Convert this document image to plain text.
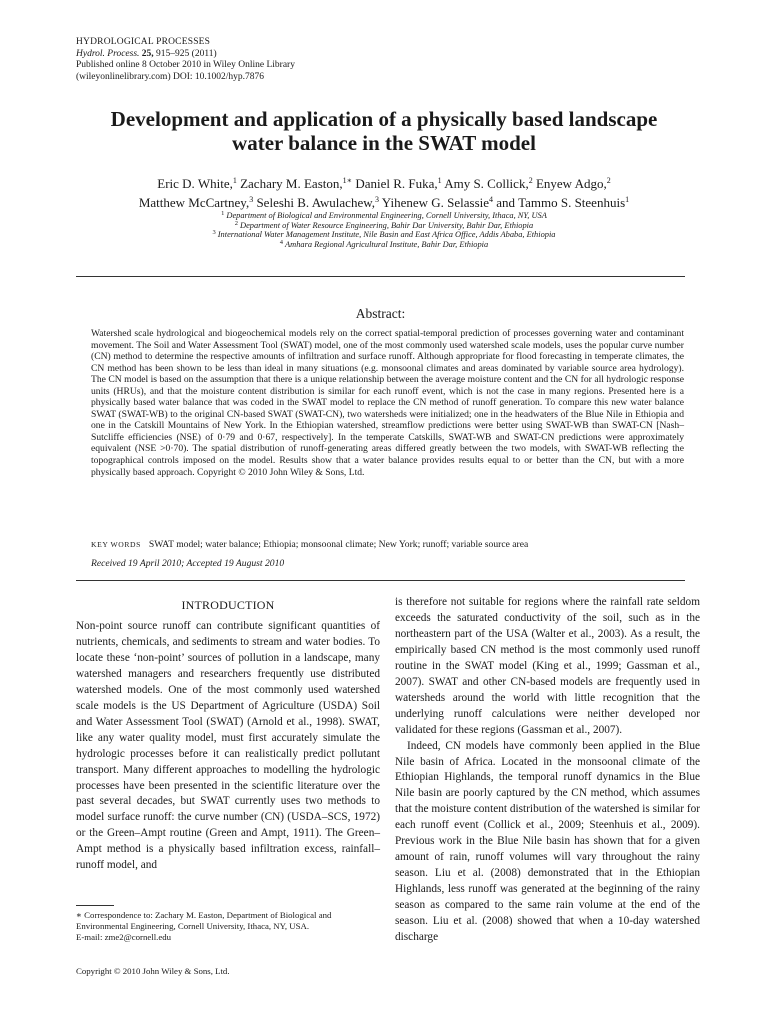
HYDROLOGICAL PROCESSES
Hydrol. Process. 25, 915–925 (2011)
Published online 8 October 2010 in Wiley Online Library
(wileyonlinelibrary.com) DOI: 10.1002/hyp.7876
Development and application of a physically based landscape
water balance in the SWAT model
Eric D. White,$^1$ Zachary M. Easton,$^{1∗}$ Daniel R. Fuka,$^1$ Amy S. Collick,$^2$ Enyew Adgo,$^2$
Matthew McCartney,$^3$ Seleshi B. Awulachew,$^3$ Yihenew G. Selassie$^4$ and Tammo S. Steenhuis$^1$
$^1$ Department of Biological and Environmental Engineering, Cornell University, Ithaca, NY, USA
$^2$ Department of Water Resource Engineering, Bahir Dar University, Bahir Dar, Ethiopia
$^3$ International Water Management Institute, Nile Basin and East Africa Office, Addis Ababa, Ethiopia
$^4$ Amhara Regional Agricultural Institute, Bahir Dar, Ethiopia
Abstract:

Watershed scale hydrological and biogeochemical models rely on the correct spatial-temporal prediction of processes governing water and contaminant movement. The Soil and Water Assessment Tool (SWAT) model, one of the most commonly used watershed scale models, uses the popular curve number (CN) method to determine the respective amounts of infiltration and surface runoff. Although appropriate for flood forecasting in temperate climates, the CN method has been shown to be less than ideal in many situations (e.g. monsoonal climates and areas dominated by variable source area hydrology). The CN model is based on the assumption that there is a unique relationship between the average moisture content and the CN for all hydrologic response units (HRUs), and that the moisture content distribution is similar for each runoff event, which is not the case in many regions. Presented here is a physically based water balance that was coded in the SWAT model to replace the CN method of runoff generation. To compare this new water balance SWAT (SWAT-WB) to the original CN-based SWAT (SWAT-CN), two watersheds were initialized; one in the headwaters of the Blue Nile in Ethiopia and one in the Catskill Mountains of New York. In the Ethiopian watershed, streamflow predictions were better using SWAT-WB than SWAT-CN [Nash–Sutcliffe efficiencies (NSE) of 0·79 and 0·67, respectively]. In the temperate Catskills, SWAT-WB and SWAT-CN predictions were approximately equivalent (NSE >0·70). The spatial distribution of runoff-generating areas differed greatly between the two models, with SWAT-WB reflecting the topographical controls imposed on the model. Results show that a water balance provides results equal to or better than the CN, but with a more physically based approach. Copyright © 2010 John Wiley & Sons, Ltd.

KEY WORDS SWAT model; water balance; Ethiopia; monsoonal climate; New York; runoff; variable source area
Received 19 April 2010; Accepted 19 August 2010
INTRODUCTION

Non-point source runoff can contribute significant quantities of nutrients, chemicals, and sediments to stream and water bodies. To locate these ‘non-point’ sources of pollution in a landscape, many watershed managers and researchers frequently use distributed watershed models. One of the most commonly used watershed scale models is the US Department of Agriculture (USDA) Soil and Water Assessment Tool (SWAT) (Arnold et al., 1998). SWAT, like any water quality model, must first accurately simulate the hydrologic processes before it can realistically predict pollutant transport. Many different approaches to modelling the hydrologic processes have been presented in the scientific literature over the past several decades, but SWAT currently uses two methods to model surface runoff: the curve number (CN) (USDA–SCS, 1972) or the Green–Ampt routine (Green and Ampt, 1911). The Green–Ampt method is a physically based infiltration excess, rainfall–runoff model, and

is therefore not suitable for regions where the rainfall rate seldom exceeds the saturated conductivity of the soil, such as in the northeastern part of the USA (Walter et al., 2003). As a result, the empirically based CN method is the most commonly used runoff routine in the SWAT model (King et al., 1999; Gassman et al., 2007). SWAT and other CN-based models are frequently used in watersheds around the world with little recognition that the underlying runoff calculations were neither developed nor validated for these regions (Gassman et al., 2007).

Indeed, CN models have commonly been applied in the Blue Nile basin of Africa. Located in the monsoonal climate of the Ethiopian Highlands, the temporal runoff dynamics in the Blue Nile basin are poorly captured by the CN method, which assumes that the moisture content distribution of the watershed is similar for each runoff event (Collick et al., 2009; Steenhuis et al., 2009). Previous work in the Blue Nile basin has shown that for a given amount of rain, runoff volumes will vary throughout the rainy season. Liu et al. (2008) demonstrated that in the Ethiopian Highlands, less runoff was generated at the beginning of the rainy season as compared to the same rain volume at the end of the season. Liu et al. (2008) showed that when a 10-day watershed discharge

∗ Correspondence to: Zachary M. Easton, Department of Biological and Environmental Engineering, Cornell University, Ithaca, NY, USA.
E-mail: zme2@cornell.edu
Copyright © 2010 John Wiley & Sons, Ltd.
